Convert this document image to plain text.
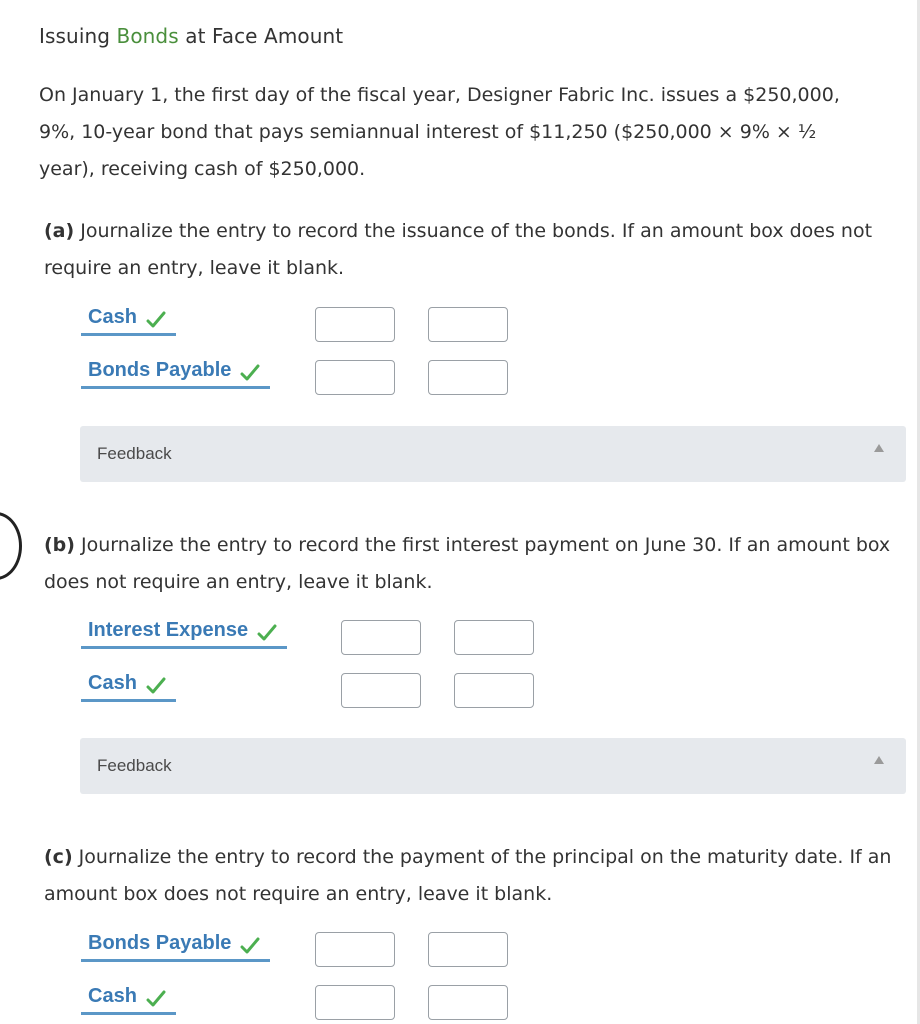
Issuing Bonds at Face Amount
On January 1, the first day of the fiscal year, Designer Fabric Inc. issues a $250,000, 9%, 10-year bond that pays semiannual interest of $11,250 ($250,000 × 9% × ½ year), receiving cash of $250,000.
(a) Journalize the entry to record the issuance of the bonds. If an amount box does not require an entry, leave it blank.
Cash
Bonds Payable
Feedback
(b) Journalize the entry to record the first interest payment on June 30. If an amount box does not require an entry, leave it blank.
Interest Expense
Cash
Feedback
(c) Journalize the entry to record the payment of the principal on the maturity date. If an amount box does not require an entry, leave it blank.
Bonds Payable
Cash
